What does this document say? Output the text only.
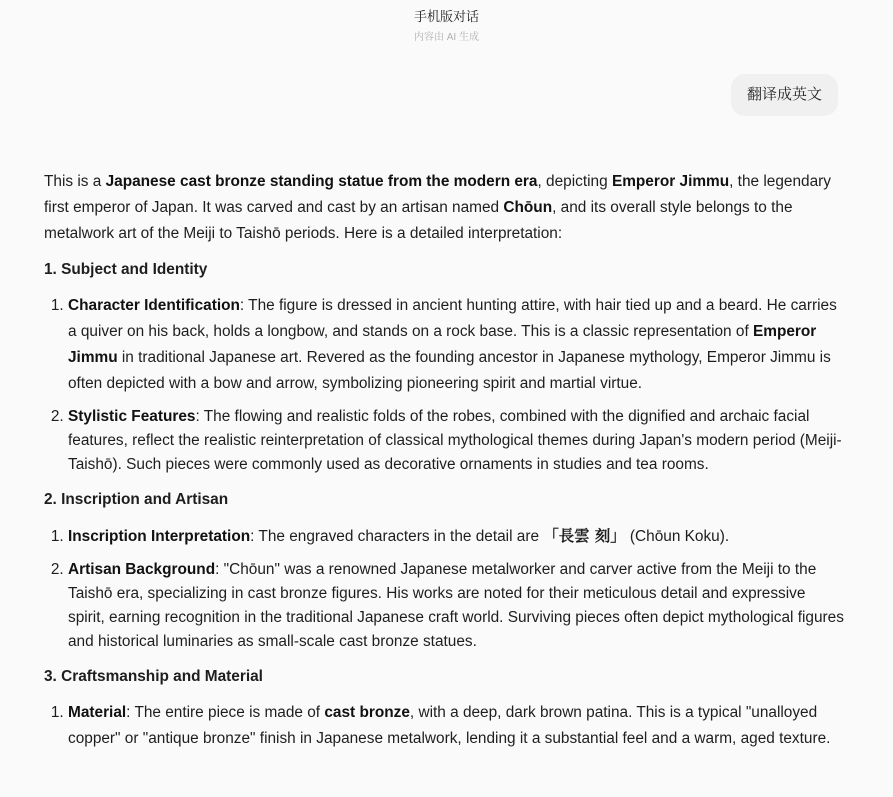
手机版对话
内容由 AI 生成
翻译成英文

This is a Japanese cast bronze standing statue from the modern era, depicting Emperor Jimmu, the legendary first emperor of Japan. It was carved and cast by an artisan named Chōun, and its overall style belongs to the metalwork art of the Meiji to Taishō periods. Here is a detailed interpretation:

1. Subject and Identity
1. Character Identification: The figure is dressed in ancient hunting attire, with hair tied up and a beard. He carries a quiver on his back, holds a longbow, and stands on a rock base. This is a classic representation of Emperor Jimmu in traditional Japanese art. Revered as the founding ancestor in Japanese mythology, Emperor Jimmu is often depicted with a bow and arrow, symbolizing pioneering spirit and martial virtue.
2. Stylistic Features: The flowing and realistic folds of the robes, combined with the dignified and archaic facial features, reflect the realistic reinterpretation of classical mythological themes during Japan's modern period (Meiji-Taishō). Such pieces were commonly used as decorative ornaments in studies and tea rooms.
2. Inscription and Artisan
1. Inscription Interpretation: The engraved characters in the detail are 「長雲 刻」 (Chōun Koku).
2. Artisan Background: "Chōun" was a renowned Japanese metalworker and carver active from the Meiji to the Taishō era, specializing in cast bronze figures. His works are noted for their meticulous detail and expressive spirit, earning recognition in the traditional Japanese craft world. Surviving pieces often depict mythological figures and historical luminaries as small-scale cast bronze statues.
3. Craftsmanship and Material
1. Material: The entire piece is made of cast bronze, with a deep, dark brown patina. This is a typical "unalloyed copper" or "antique bronze" finish in Japanese metalwork, lending it a substantial feel and a warm, aged texture.
